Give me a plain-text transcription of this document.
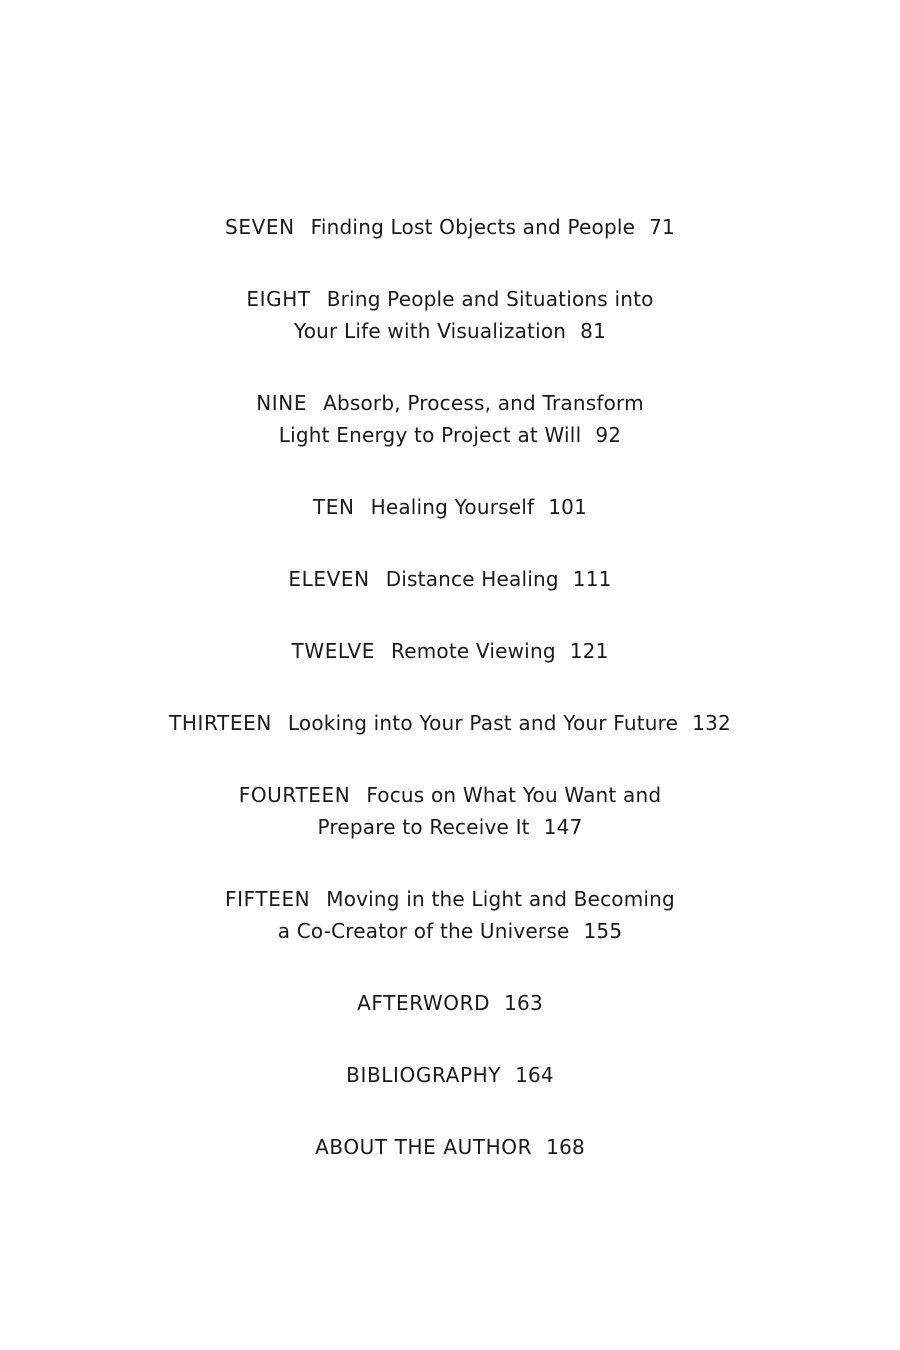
SEVEN Finding Lost Objects and People 71
EIGHT Bring People and Situations into
Your Life with Visualization 81
NINE Absorb, Process, and Transform
Light Energy to Project at Will 92
TEN Healing Yourself 101
ELEVEN Distance Healing 111
TWELVE Remote Viewing 121
THIRTEEN Looking into Your Past and Your Future 132
FOURTEEN Focus on What You Want and
Prepare to Receive It 147
FIFTEEN Moving in the Light and Becoming
a Co-Creator of the Universe 155
AFTERWORD 163
BIBLIOGRAPHY 164
ABOUT THE AUTHOR 168
